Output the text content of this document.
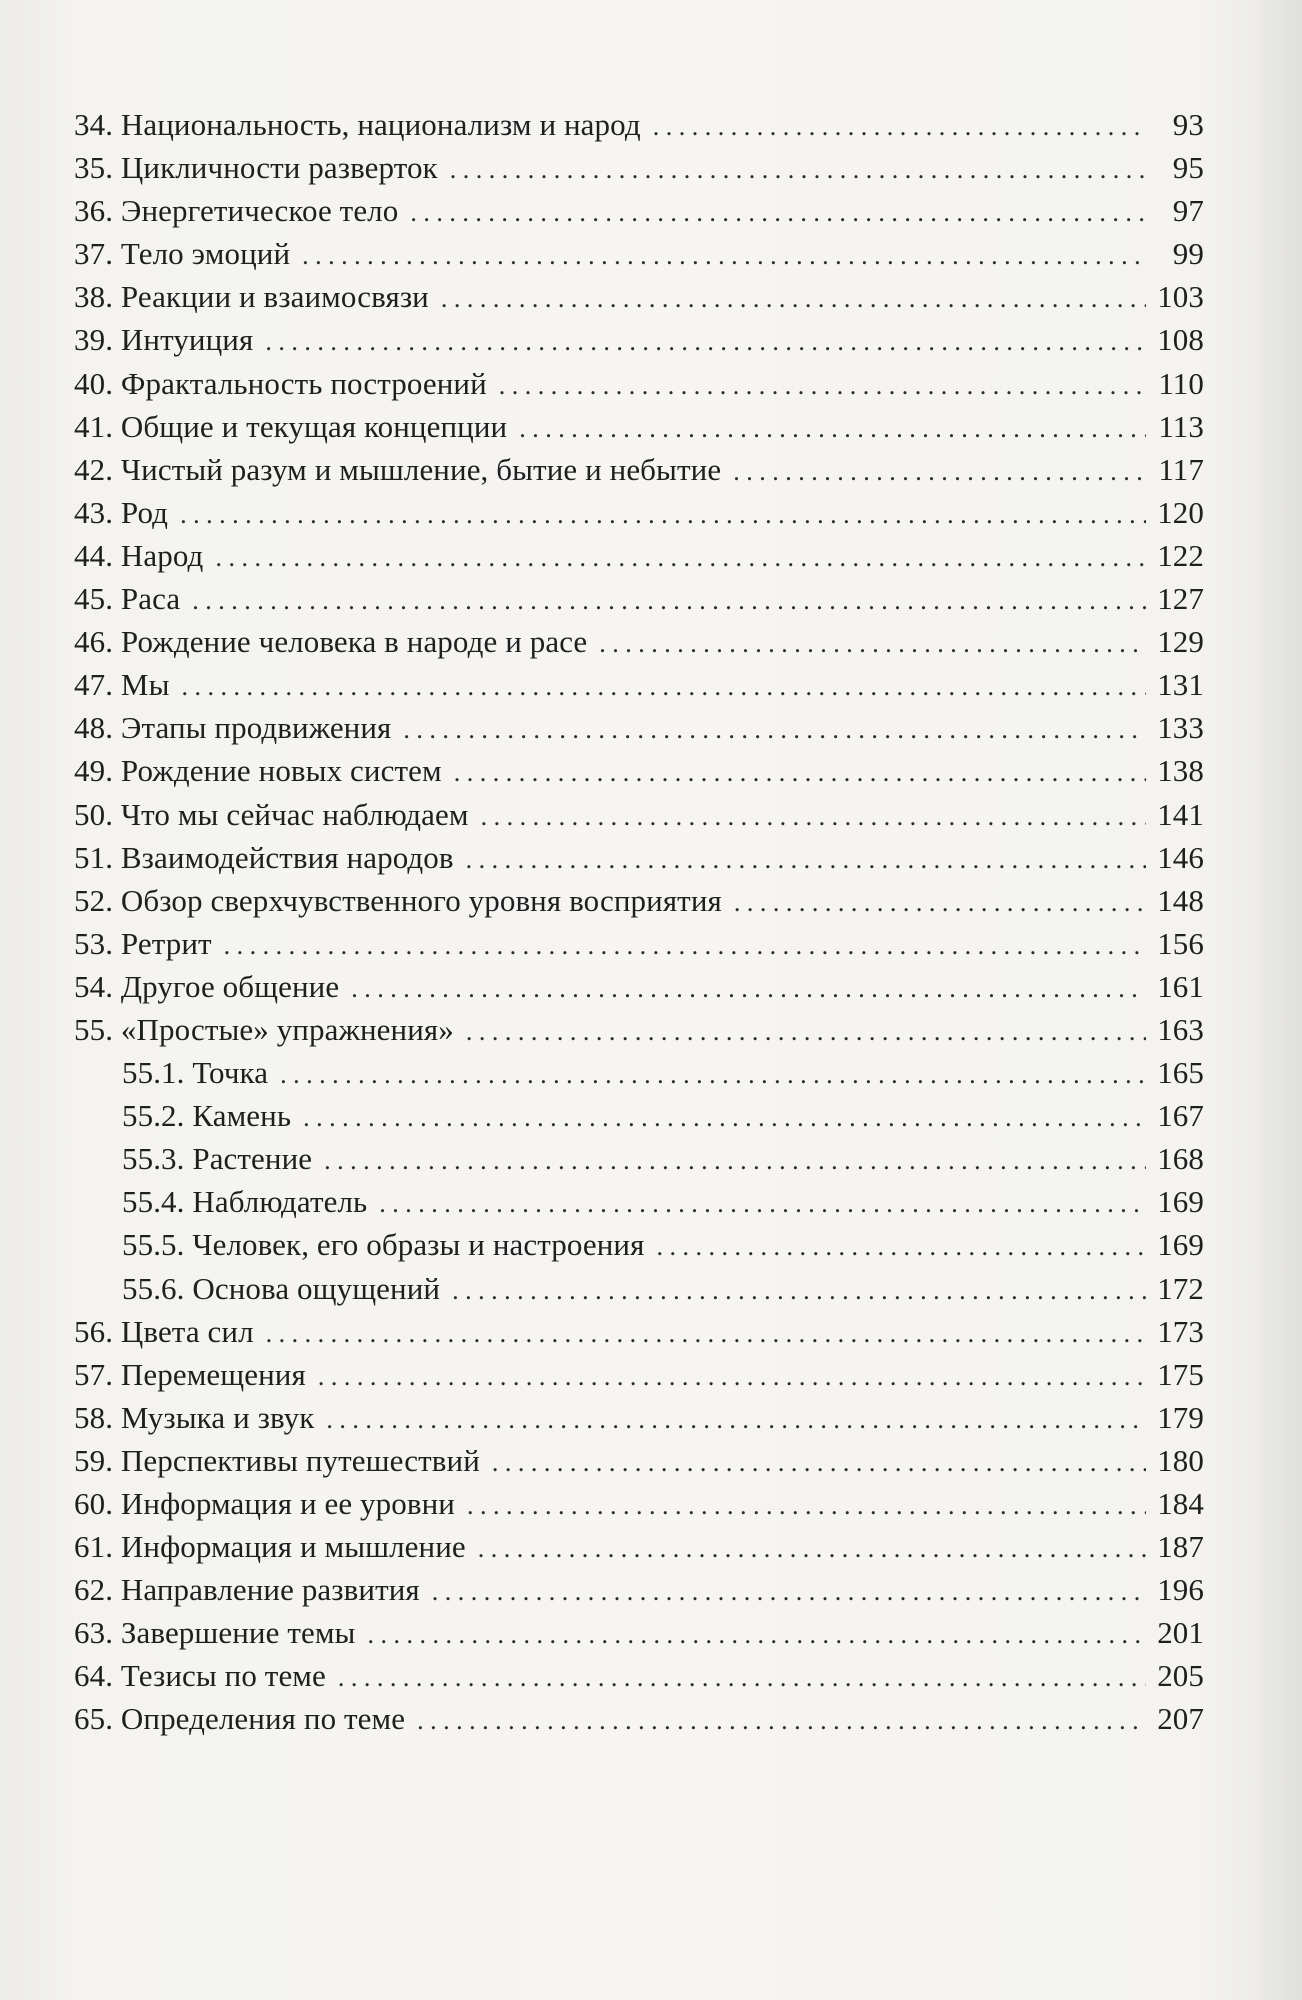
34. Национальность, национализм и народ . . .	93
35. Цикличности разверток . . .	95
36. Энергетическое тело . . .	97
37. Тело эмоций . . .	99
38. Реакции и взаимосвязи . . .	103
39. Интуиция . . .	108
40. Фрактальность построений . . .	110
41. Общие и текущая концепции . . .	113
42. Чистый разум и мышление, бытие и небытие . . .	117
43. Род . . .	120
44. Народ . . .	122
45. Раса . . .	127
46. Рождение человека в народе и расе . . .	129
47. Мы . . .	131
48. Этапы продвижения . . .	133
49. Рождение новых систем . . .	138
50. Что мы сейчас наблюдаем . . .	141
51. Взаимодействия народов . . .	146
52. Обзор сверхчувственного уровня восприятия . . .	148
53. Ретрит . . .	156
54. Другое общение . . .	161
55. «Простые» упражнения» . . .	163
55.1. Точка . . .	165
55.2. Камень . . .	167
55.3. Растение . . .	168
55.4. Наблюдатель . . .	169
55.5. Человек, его образы и настроения . . .	169
55.6. Основа ощущений . . .	172
56. Цвета сил . . .	173
57. Перемещения . . .	175
58. Музыка и звук . . .	179
59. Перспективы путешествий . . .	180
60. Информация и ее уровни . . .	184
61. Информация и мышление . . .	187
62. Направление развития . . .	196
63. Завершение темы . . .	201
64. Тезисы по теме . . .	205
65. Определения по теме . . .	207
